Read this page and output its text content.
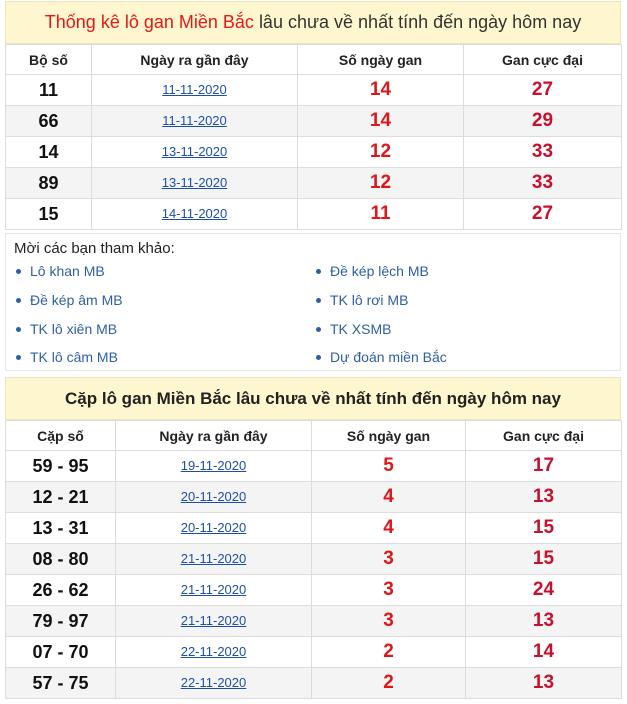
Thống kê lô gan Miền Bắc lâu chưa về nhất tính đến ngày hôm nay
Bộ số	Ngày ra gần đây	Số ngày gan	Gan cực đại
11	11-11-2020	14	27
66	11-11-2020	14	29
14	13-11-2020	12	33
89	13-11-2020	12	33
15	14-11-2020	11	27
Mời các bạn tham khảo:
Lô khan MB
Đề kép âm MB
TK lô xiên MB
TK lô câm MB
Đề kép lệch MB
TK lô rơi MB
TK XSMB
Dự đoán miền Bắc
Cặp lô gan Miền Bắc lâu chưa về nhất tính đến ngày hôm nay
Cặp số	Ngày ra gần đây	Số ngày gan	Gan cực đại
59 - 95	19-11-2020	5	17
12 - 21	20-11-2020	4	13
13 - 31	20-11-2020	4	15
08 - 80	21-11-2020	3	15
26 - 62	21-11-2020	3	24
79 - 97	21-11-2020	3	13
07 - 70	22-11-2020	2	14
57 - 75	22-11-2020	2	13
